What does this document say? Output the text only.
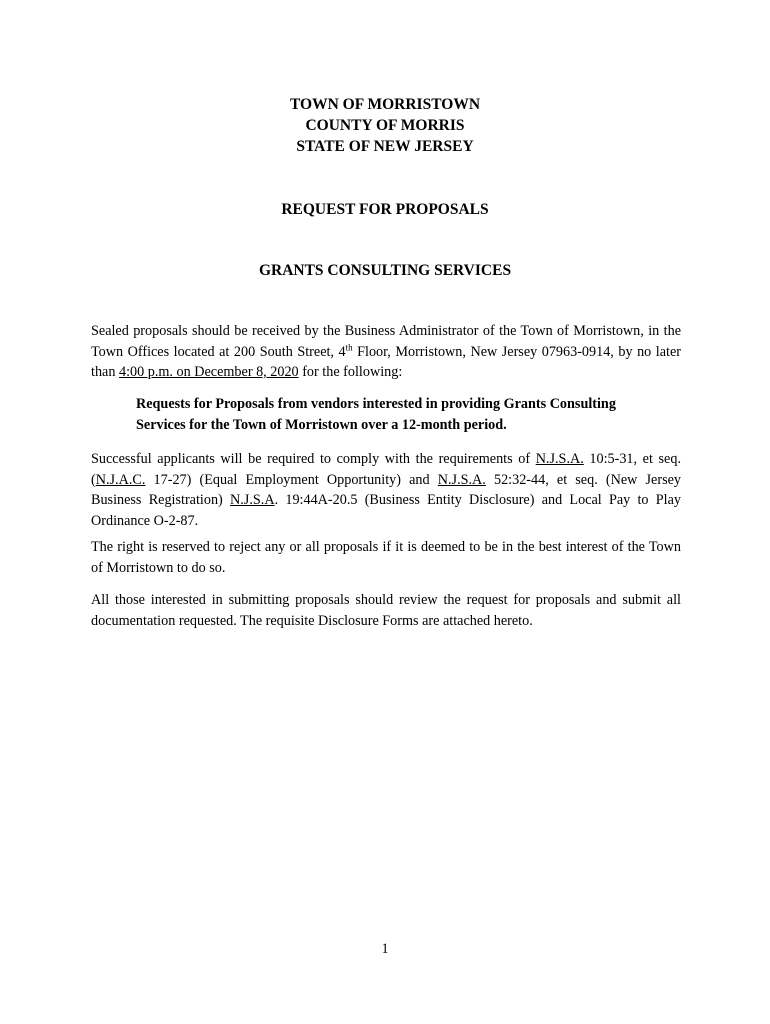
TOWN OF MORRISTOWN
COUNTY OF MORRIS
STATE OF NEW JERSEY
REQUEST FOR PROPOSALS
GRANTS CONSULTING SERVICES
Sealed proposals should be received by the Business Administrator of the Town of Morristown, in the Town Offices located at 200 South Street, 4th Floor, Morristown, New Jersey 07963-0914, by no later than 4:00 p.m. on December 8, 2020 for the following:
Requests for Proposals from vendors interested in providing Grants Consulting Services for the Town of Morristown over a 12-month period.
Successful applicants will be required to comply with the requirements of N.J.S.A. 10:5-31, et seq. (N.J.A.C. 17-27) (Equal Employment Opportunity) and N.J.S.A. 52:32-44, et seq. (New Jersey Business Registration) N.J.S.A. 19:44A-20.5 (Business Entity Disclosure) and Local Pay to Play Ordinance O-2-87.
The right is reserved to reject any or all proposals if it is deemed to be in the best interest of the Town of Morristown to do so.
All those interested in submitting proposals should review the request for proposals and submit all documentation requested. The requisite Disclosure Forms are attached hereto.
1
